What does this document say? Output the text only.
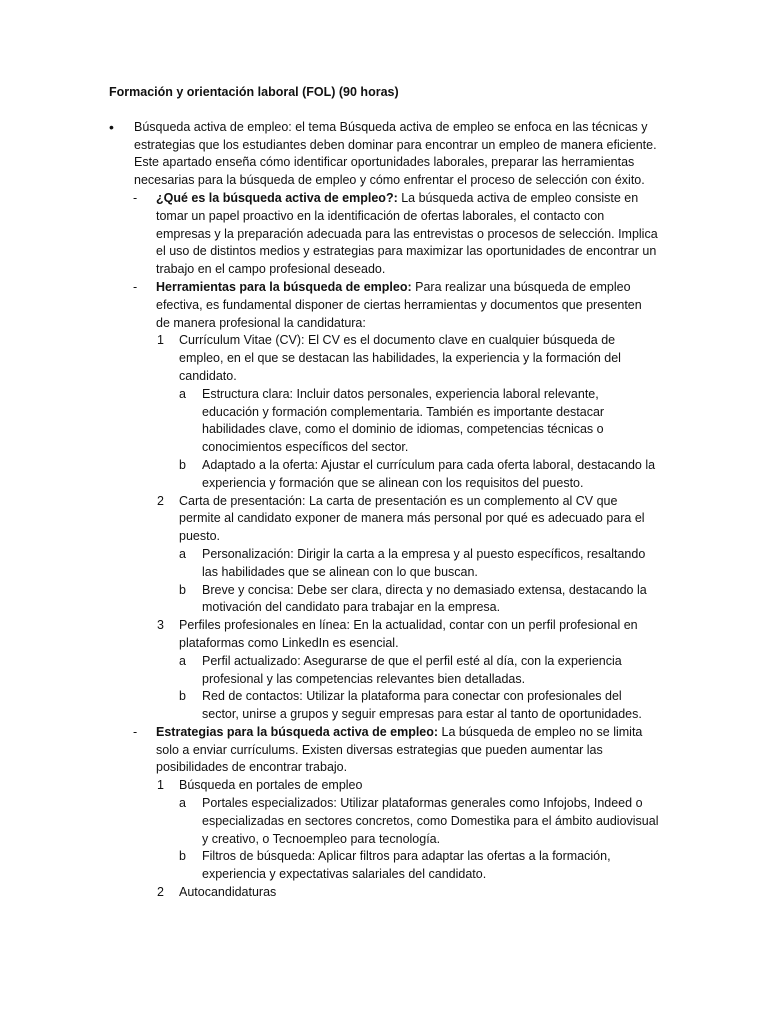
Formación y orientación laboral (FOL) (90 horas)
• Búsqueda activa de empleo: el tema Búsqueda activa de empleo se enfoca en las técnicas y estrategias que los estudiantes deben dominar para encontrar un empleo de manera eficiente. Este apartado enseña cómo identificar oportunidades laborales, preparar las herramientas necesarias para la búsqueda de empleo y cómo enfrentar el proceso de selección con éxito.
- ¿Qué es la búsqueda activa de empleo?: La búsqueda activa de empleo consiste en tomar un papel proactivo en la identificación de ofertas laborales, el contacto con empresas y la preparación adecuada para las entrevistas o procesos de selección. Implica el uso de distintos medios y estrategias para maximizar las oportunidades de encontrar un trabajo en el campo profesional deseado.
- Herramientas para la búsqueda de empleo: Para realizar una búsqueda de empleo efectiva, es fundamental disponer de ciertas herramientas y documentos que presenten de manera profesional la candidatura:
1 Currículum Vitae (CV): El CV es el documento clave en cualquier búsqueda de empleo, en el que se destacan las habilidades, la experiencia y la formación del candidato.
a Estructura clara: Incluir datos personales, experiencia laboral relevante, educación y formación complementaria. También es importante destacar habilidades clave, como el dominio de idiomas, competencias técnicas o conocimientos específicos del sector.
b Adaptado a la oferta: Ajustar el currículum para cada oferta laboral, destacando la experiencia y formación que se alinean con los requisitos del puesto.
2 Carta de presentación: La carta de presentación es un complemento al CV que permite al candidato exponer de manera más personal por qué es adecuado para el puesto.
a Personalización: Dirigir la carta a la empresa y al puesto específicos, resaltando las habilidades que se alinean con lo que buscan.
b Breve y concisa: Debe ser clara, directa y no demasiado extensa, destacando la motivación del candidato para trabajar en la empresa.
3 Perfiles profesionales en línea: En la actualidad, contar con un perfil profesional en plataformas como LinkedIn es esencial.
a Perfil actualizado: Asegurarse de que el perfil esté al día, con la experiencia profesional y las competencias relevantes bien detalladas.
b Red de contactos: Utilizar la plataforma para conectar con profesionales del sector, unirse a grupos y seguir empresas para estar al tanto de oportunidades.
- Estrategias para la búsqueda activa de empleo: La búsqueda de empleo no se limita solo a enviar currículums. Existen diversas estrategias que pueden aumentar las posibilidades de encontrar trabajo.
1 Búsqueda en portales de empleo
a Portales especializados: Utilizar plataformas generales como Infojobs, Indeed o especializadas en sectores concretos, como Domestika para el ámbito audiovisual y creativo, o Tecnoempleo para tecnología.
b Filtros de búsqueda: Aplicar filtros para adaptar las ofertas a la formación, experiencia y expectativas salariales del candidato.
2 Autocandidaturas
